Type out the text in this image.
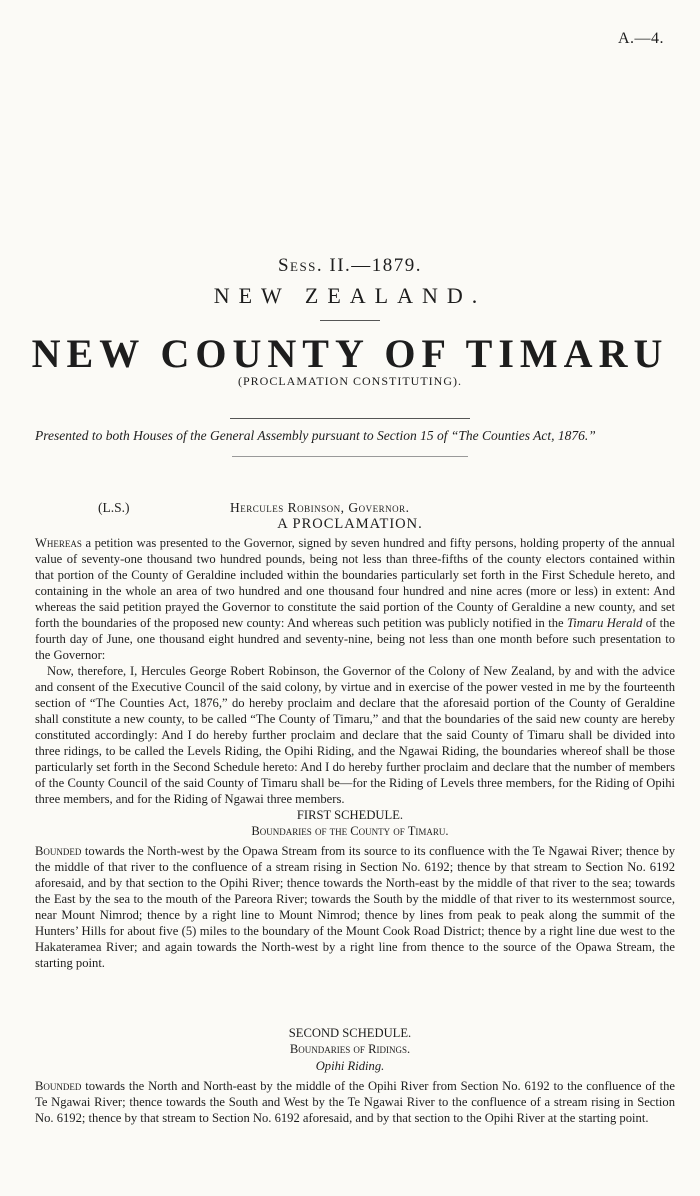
A.—4.
Sess. II.—1879.
NEW ZEALAND.
NEW COUNTY OF TIMARU
(PROCLAMATION CONSTITUTING).
Presented to both Houses of the General Assembly pursuant to Section 15 of “The Counties Act, 1876.”
(L.S.)	Hercules Robinson, Governor.
A PROCLAMATION.

Whereas a petition was presented to the Governor, signed by seven hundred and fifty persons, holding property of the annual value of seventy-one thousand two hundred pounds, being not less than three-fifths of the county electors contained within that portion of the County of Geraldine included within the boundaries particularly set forth in the First Schedule hereto, and containing in the whole an area of two hundred and one thousand four hundred and nine acres (more or less) in extent: And whereas the said petition prayed the Governor to constitute the said portion of the County of Geraldine a new county, and set forth the boundaries of the proposed new county: And whereas such petition was publicly notified in the Timaru Herald of the fourth day of June, one thousand eight hundred and seventy-nine, being not less than one month before such presentation to the Governor:

Now, therefore, I, Hercules George Robert Robinson, the Governor of the Colony of New Zealand, by and with the advice and consent of the Executive Council of the said colony, by virtue and in exercise of the power vested in me by the fourteenth section of “The Counties Act, 1876,” do hereby proclaim and declare that the aforesaid portion of the County of Geraldine shall constitute a new county, to be called “The County of Timaru,” and that the boundaries of the said new county are hereby constituted accordingly: And I do hereby further proclaim and declare that the said County of Timaru shall be divided into three ridings, to be called the Levels Riding, the Opihi Riding, and the Ngawai Riding, the boundaries whereof shall be those particularly set forth in the Second Schedule hereto: And I do hereby further proclaim and declare that the number of members of the County Council of the said County of Timaru shall be—for the Riding of Levels three members, for the Riding of Opihi three members, and for the Riding of Ngawai three members.

FIRST SCHEDULE.
Boundaries of the County of Timaru.

Bounded towards the North-west by the Opawa Stream from its source to its confluence with the Te Ngawai River; thence by the middle of that river to the confluence of a stream rising in Section No. 6192; thence by that stream to Section No. 6192 aforesaid, and by that section to the Opihi River; thence towards the North-east by the middle of that river to the sea; towards the East by the sea to the mouth of the Pareora River; towards the South by the middle of that river to its westernmost source, near Mount Nimrod; thence by a right line to Mount Nimrod; thence by lines from peak to peak along the summit of the Hunters’ Hills for about five (5) miles to the boundary of the Mount Cook Road District; thence by a right line due west to the Hakateramea River; and again towards the North-west by a right line from thence to the source of the Opawa Stream, the starting point.

SECOND SCHEDULE.
Boundaries of Ridings.
Opihi Riding.

Bounded towards the North and North-east by the middle of the Opihi River from Section No. 6192 to the confluence of the Te Ngawai River; thence towards the South and West by the Te Ngawai River to the confluence of a stream rising in Section No. 6192; thence by that stream to Section No. 6192 aforesaid, and by that section to the Opihi River at the starting point.
